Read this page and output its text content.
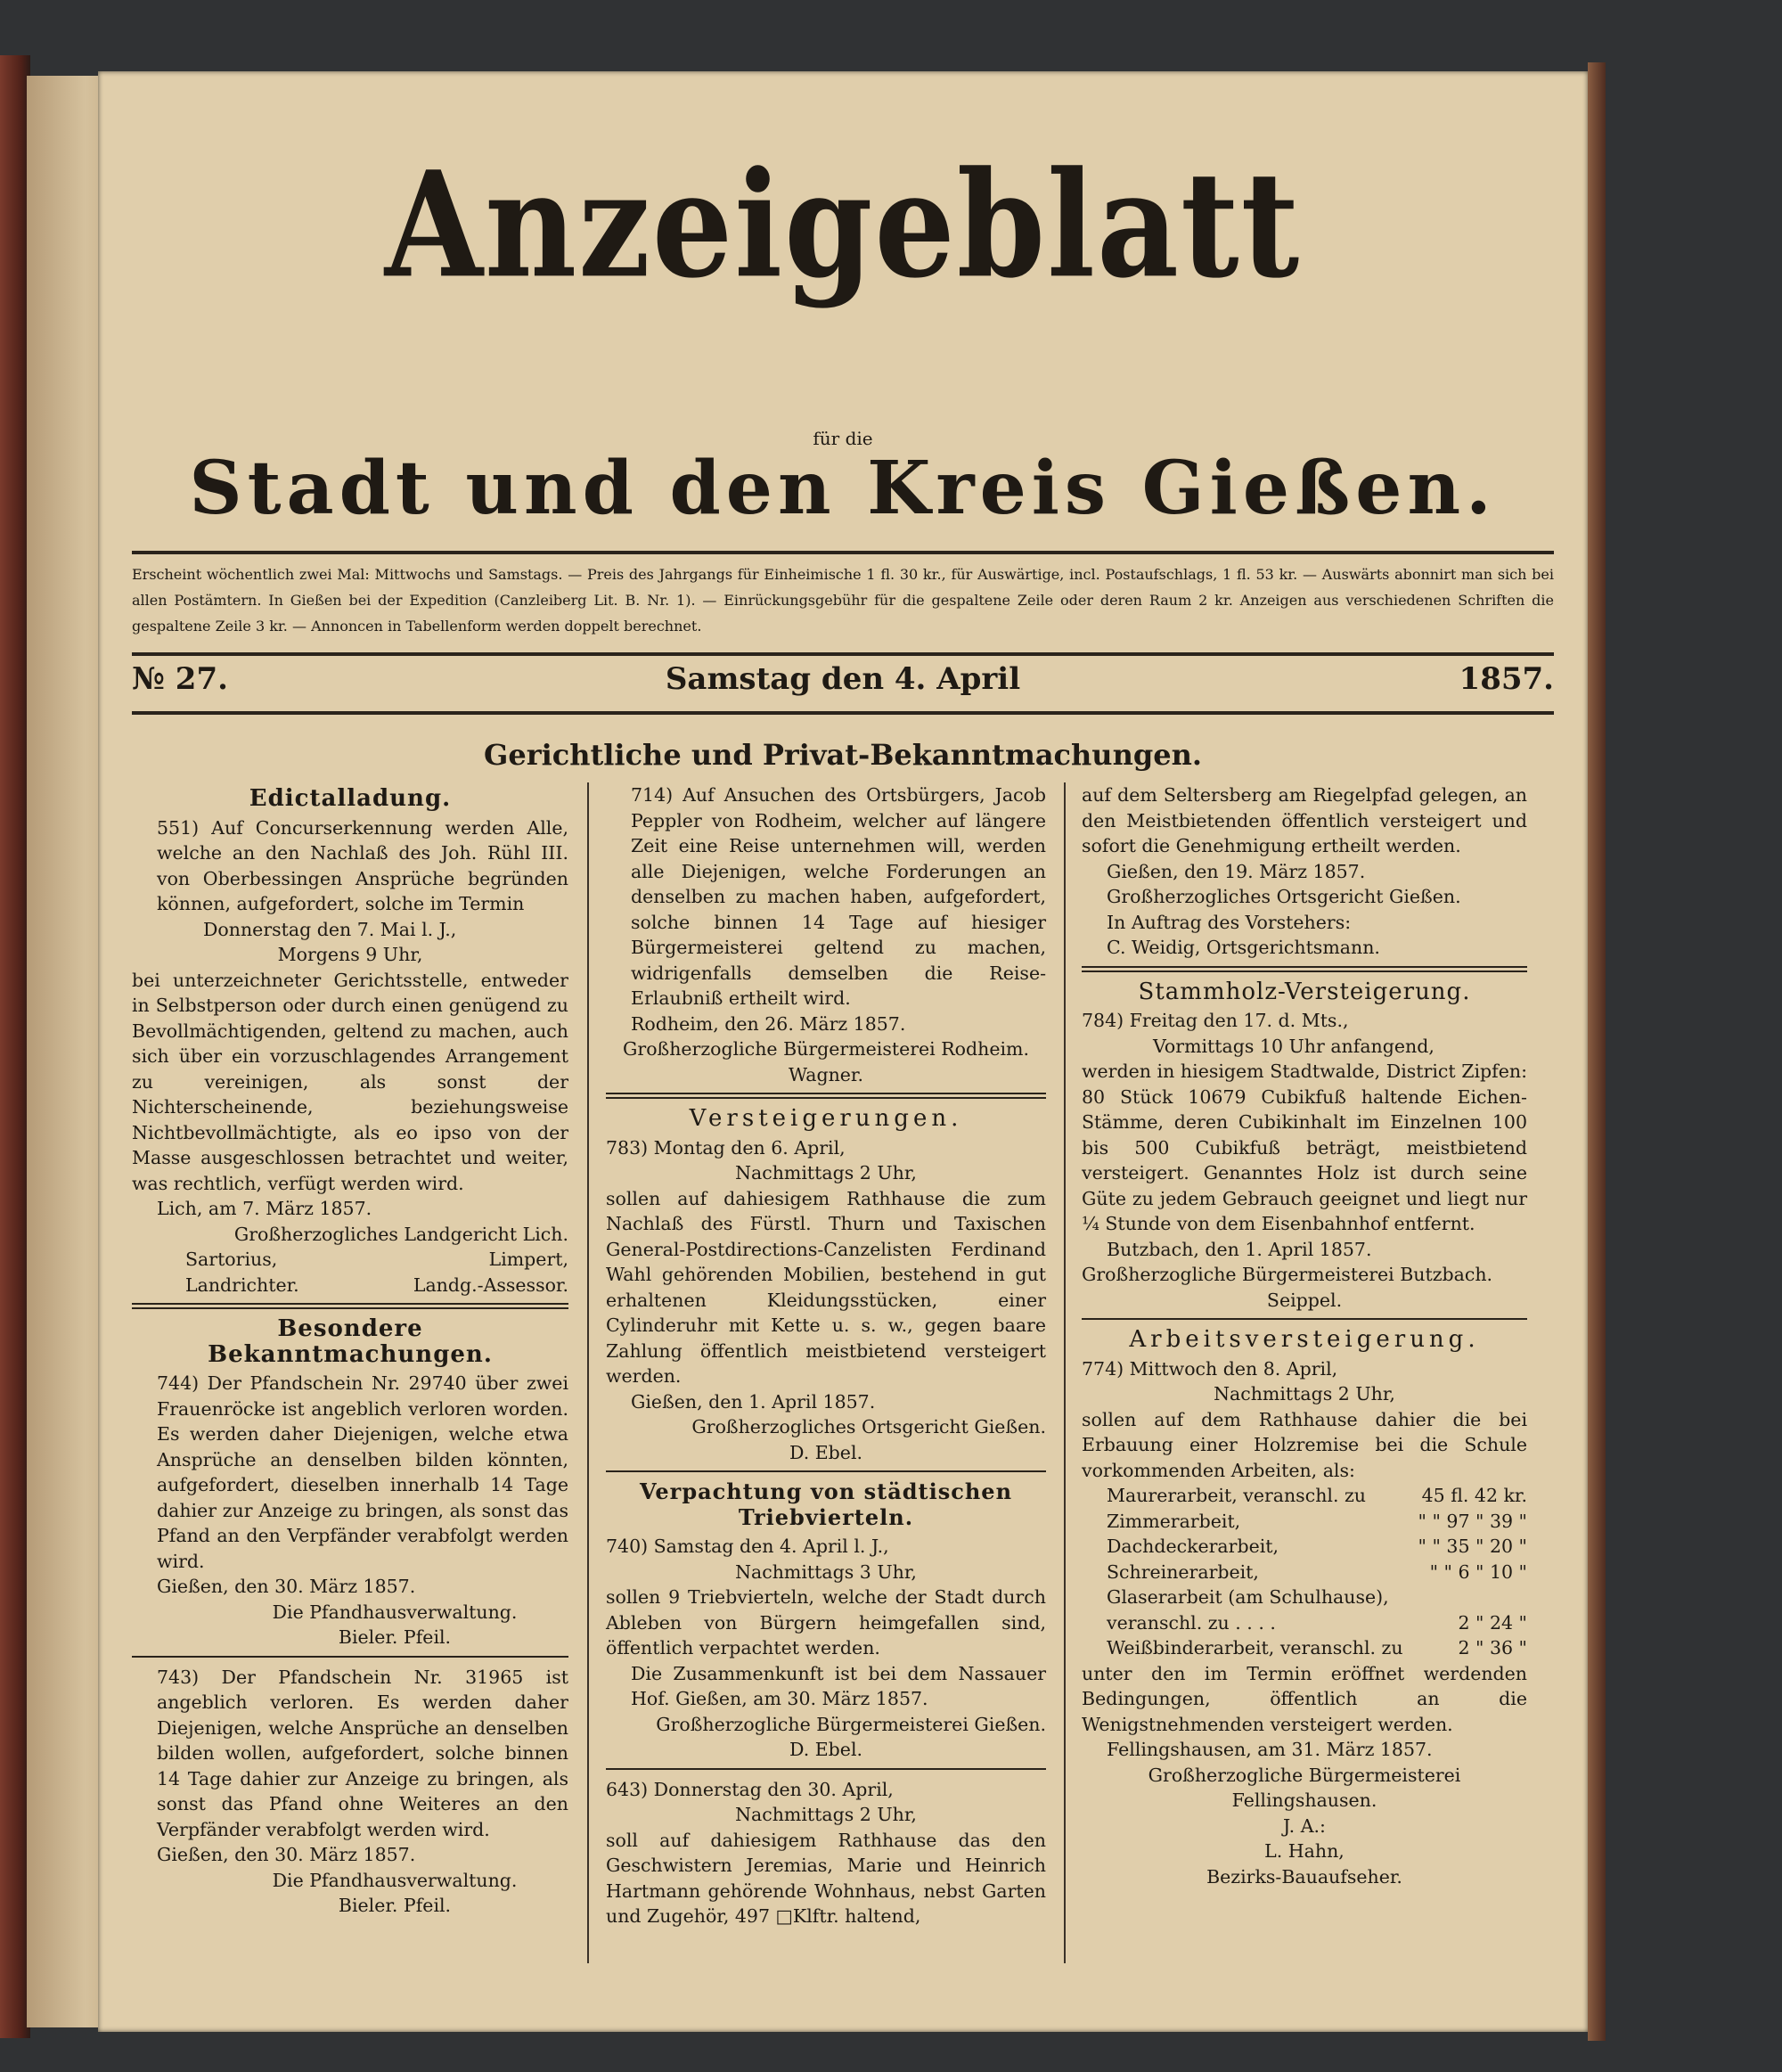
Anzeigeblatt
für die
Stadt und den Kreis Gießen.
Erscheint wöchentlich zwei Mal: Mittwochs und Samstags. — Preis des Jahrgangs für Einheimische 1 fl. 30 kr., für Auswärtige, incl. Postaufschlags, 1 fl. 53 kr. — Auswärts abonnirt man sich bei allen Postämtern. In Gießen bei der Expedition (Canzleiberg Lit. B. Nr. 1). — Einrückungsgebühr für die gespaltene Zeile oder deren Raum 2 kr. Anzeigen aus verschiedenen Schriften die gespaltene Zeile 3 kr. — Annoncen in Tabellenform werden doppelt berechnet.
№ 27.	Samstag den 4. April	1857.
Gerichtliche und Privat-Bekanntmachungen.
Edictalladung.

551) Auf Concurserkennung werden Alle, welche an den Nachlaß des Joh. Rühl III. von Oberbessingen Ansprüche begründen können, aufgefordert, solche im Termin

Donnerstag den 7. Mai l. J.,

Morgens 9 Uhr,

bei unterzeichneter Gerichtsstelle, entweder in Selbstperson oder durch einen genügend zu Bevollmächtigenden, geltend zu machen, auch sich über ein vorzuschlagendes Arrangement zu vereinigen, als sonst der Nichterscheinende, beziehungsweise Nichtbevollmächtigte, als eo ipso von der Masse ausgeschlossen betrachtet und weiter, was rechtlich, verfügt werden wird.

Lich, am 7. März 1857.

Großherzogliches Landgericht Lich.

Sartorius,	Limpert,
Landrichter.	Landg.-Assessor.
Besondere Bekanntmachungen.

744) Der Pfandschein Nr. 29740 über zwei Frauenröcke ist angeblich verloren worden. Es werden daher Diejenigen, welche etwa Ansprüche an denselben bilden könnten, aufgefordert, dieselben innerhalb 14 Tage dahier zur Anzeige zu bringen, als sonst das Pfand an den Verpfänder verabfolgt werden wird.

Gießen, den 30. März 1857.

Die Pfandhausverwaltung.

Bieler. Pfeil.

743) Der Pfandschein Nr. 31965 ist angeblich verloren. Es werden daher Diejenigen, welche Ansprüche an denselben bilden wollen, aufgefordert, solche binnen 14 Tage dahier zur Anzeige zu bringen, als sonst das Pfand ohne Weiteres an den Verpfänder verabfolgt werden wird.

Gießen, den 30. März 1857.

Die Pfandhausverwaltung.

Bieler. Pfeil.

714) Auf Ansuchen des Ortsbürgers, Jacob Peppler von Rodheim, welcher auf längere Zeit eine Reise unternehmen will, werden alle Diejenigen, welche Forderungen an denselben zu machen haben, aufgefordert, solche binnen 14 Tage auf hiesiger Bürgermeisterei geltend zu machen, widrigenfalls demselben die Reise-Erlaubniß ertheilt wird.

Rodheim, den 26. März 1857.

Großherzogliche Bürgermeisterei Rodheim.

Wagner.

Versteigerungen.

783) Montag den 6. April,

Nachmittags 2 Uhr,

sollen auf dahiesigem Rathhause die zum Nachlaß des Fürstl. Thurn und Taxischen General-Postdirections-Canzelisten Ferdinand Wahl gehörenden Mobilien, bestehend in gut erhaltenen Kleidungsstücken, einer Cylinderuhr mit Kette u. s. w., gegen baare Zahlung öffentlich meistbietend versteigert werden.

Gießen, den 1. April 1857.

Großherzogliches Ortsgericht Gießen.

D. Ebel.

Verpachtung von städtischen Triebvierteln.

740) Samstag den 4. April l. J.,

Nachmittags 3 Uhr,

sollen 9 Triebvierteln, welche der Stadt durch Ableben von Bürgern heimgefallen sind, öffentlich verpachtet werden.

Die Zusammenkunft ist bei dem Nassauer Hof. Gießen, am 30. März 1857.

Großherzogliche Bürgermeisterei Gießen.

D. Ebel.

643) Donnerstag den 30. April,

Nachmittags 2 Uhr,

soll auf dahiesigem Rathhause das den Geschwistern Jeremias, Marie und Heinrich Hartmann gehörende Wohnhaus, nebst Garten und Zugehör, 497 □Klftr. haltend,

auf dem Seltersberg am Riegelpfad gelegen, an den Meistbietenden öffentlich versteigert und sofort die Genehmigung ertheilt werden.

Gießen, den 19. März 1857.

Großherzogliches Ortsgericht Gießen.

In Auftrag des Vorstehers:

C. Weidig, Ortsgerichtsmann.

Stammholz-Versteigerung.

784) Freitag den 17. d. Mts.,

Vormittags 10 Uhr anfangend,

werden in hiesigem Stadtwalde, District Zipfen: 80 Stück 10679 Cubikfuß haltende Eichen-Stämme, deren Cubikinhalt im Einzelnen 100 bis 500 Cubikfuß beträgt, meistbietend versteigert. Genanntes Holz ist durch seine Güte zu jedem Gebrauch geeignet und liegt nur ¼ Stunde von dem Eisenbahnhof entfernt.

Butzbach, den 1. April 1857.

Großherzogliche Bürgermeisterei Butzbach.

Seippel.

Arbeitsversteigerung.

774) Mittwoch den 8. April,

Nachmittags 2 Uhr,

sollen auf dem Rathhause dahier die bei Erbauung einer Holzremise bei die Schule vorkommenden Arbeiten, als:

Maurerarbeit, veranschl. zu	45 fl. 42 kr.
Zimmerarbeit,	" " 97 " 39 "
Dachdeckerarbeit,	" " 35 " 20 "
Schreinerarbeit,	" " 6 " 10 "

Glaserarbeit (am Schulhause),

veranschl. zu . . . .	2 " 24 "
Weißbinderarbeit, veranschl. zu	2 " 36 "

unter den im Termin eröffnet werdenden Bedingungen, öffentlich an die Wenigstnehmenden versteigert werden.

Fellingshausen, am 31. März 1857.

Großherzogliche Bürgermeisterei Fellingshausen.

J. A.:

L. Hahn,

Bezirks-Bauaufseher.
